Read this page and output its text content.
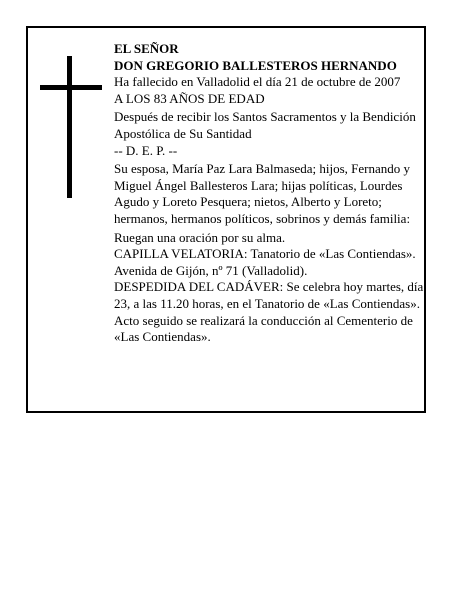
EL SEÑOR
DON GREGORIO BALLESTEROS HERNANDO
Ha fallecido en Valladolid el día 21 de octubre de 2007

A LOS 83 AÑOS DE EDAD

Después de recibir los Santos Sacramentos y la Bendición Apostólica de Su Santidad

-- D. E. P. --

Su esposa, María Paz Lara Balmaseda; hijos, Fernando y Miguel Ángel Ballesteros Lara; hijas políticas, Lourdes Agudo y Loreto Pesquera; nietos, Alberto y Loreto; hermanos, hermanos políticos, sobrinos y demás familia:

Ruegan una oración por su alma.
CAPILLA VELATORIA: Tanatorio de «Las Contiendas». Avenida de Gijón, nº 71 (Valladolid).
DESPEDIDA DEL CADÁVER: Se celebra hoy martes, día 23, a las 11.20 horas, en el Tanatorio de «Las Contiendas». Acto seguido se realizará la conducción al Cementerio de «Las Contiendas».
